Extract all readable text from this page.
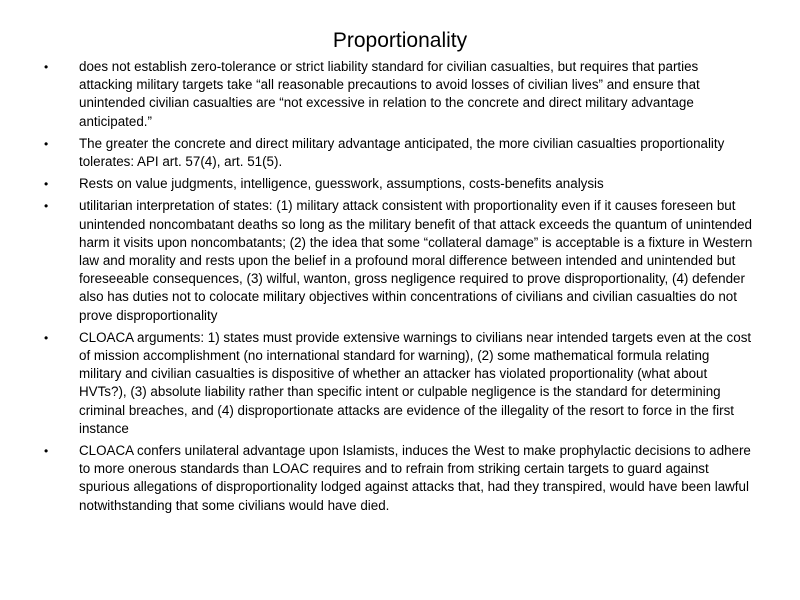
Proportionality
• does not establish zero-tolerance or strict liability standard for civilian casualties, but requires that parties attacking military targets take “all reasonable precautions to avoid losses of civilian lives” and ensure that unintended civilian casualties are “not excessive in relation to the concrete and direct military advantage anticipated.”
• The greater the concrete and direct military advantage anticipated, the more civilian casualties proportionality tolerates: API art. 57(4), art. 51(5).
• Rests on value judgments, intelligence, guesswork, assumptions, costs-benefits analysis
• utilitarian interpretation of states: (1) military attack consistent with proportionality even if it causes foreseen but unintended noncombatant deaths so long as the military benefit of that attack exceeds the quantum of unintended harm it visits upon noncombatants; (2) the idea that some “collateral damage” is acceptable is a fixture in Western law and morality and rests upon the belief in a profound moral difference between intended and unintended but foreseeable consequences, (3) wilful, wanton, gross negligence required to prove disproportionality, (4) defender also has duties not to colocate military objectives within concentrations of civilians and civilian casualties do not prove disproportionality
• CLOACA arguments: 1) states must provide extensive warnings to civilians near intended targets even at the cost of mission accomplishment (no international standard for warning), (2) some mathematical formula relating military and civilian casualties is dispositive of whether an attacker has violated proportionality (what about HVTs?), (3) absolute liability rather than specific intent or culpable negligence is the standard for determining criminal breaches, and (4) disproportionate attacks are evidence of the illegality of the resort to force in the first instance
• CLOACA confers unilateral advantage upon Islamists, induces the West to make prophylactic decisions to adhere to more onerous standards than LOAC requires and to refrain from striking certain targets to guard against spurious allegations of disproportionality lodged against attacks that, had they transpired, would have been lawful notwithstanding that some civilians would have died.
